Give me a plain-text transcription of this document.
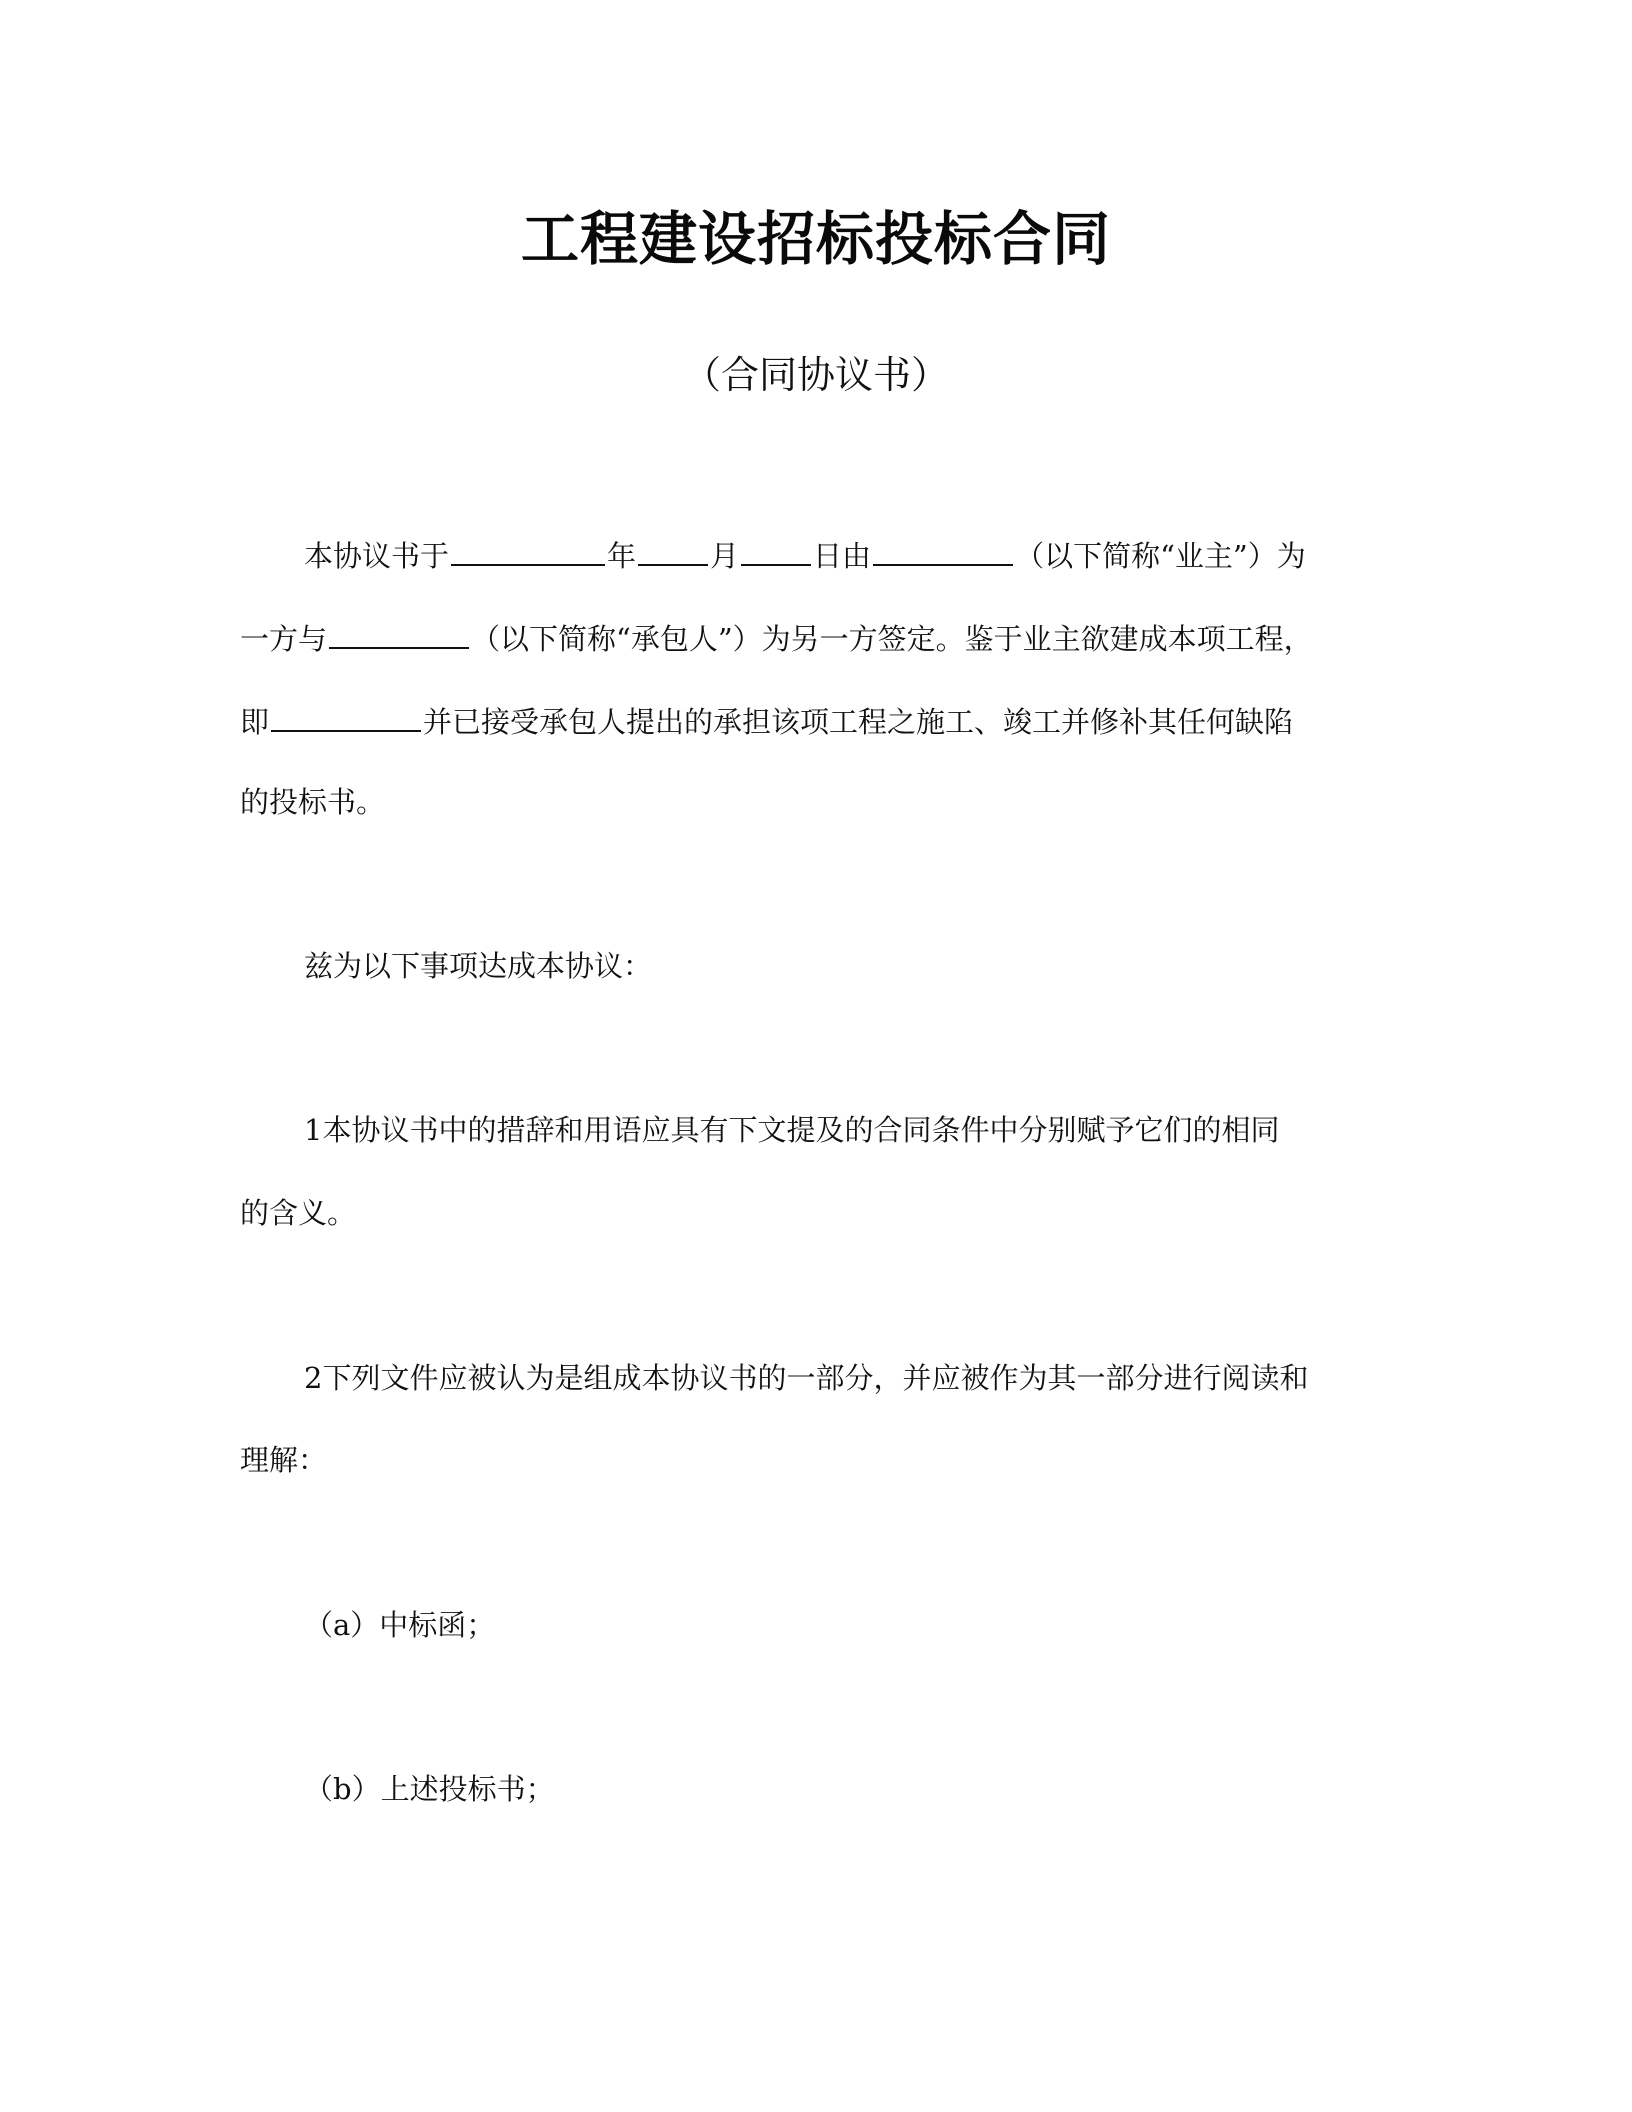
工程建设招标投标合同
（合同协议书）
本协议书于	年	月	日由	（以下简称“业主”）为
一方与	（以下简称“承包人”）为另一方签定。鉴于业主欲建成本项工程，
即	并已接受承包人提出的承担该项工程之施工、竣工并修补其任何缺陷
的投标书。
兹为以下事项达成本协议：
1本协议书中的措辞和用语应具有下文提及的合同条件中分别赋予它们的相同
的含义。
2下列文件应被认为是组成本协议书的一部分，并应被作为其一部分进行阅读和
理解：
（a）中标函；
（b）上述投标书；
